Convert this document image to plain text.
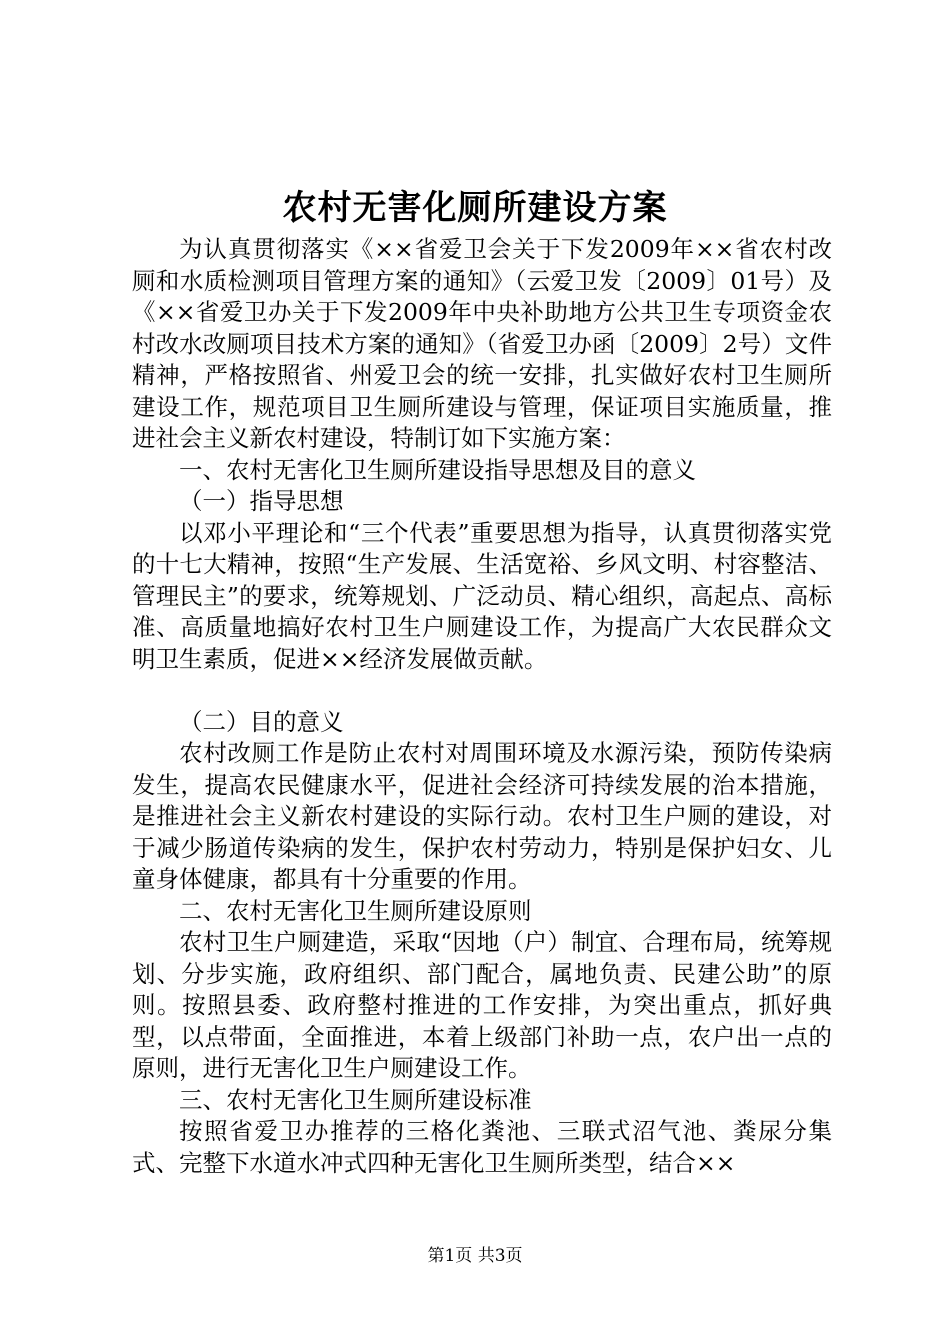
农村无害化厕所建设方案

为认真贯彻落实《××省爱卫会关于下发2009年××省农村改厕和水质检测项目管理方案的通知》（云爱卫发〔2009〕01号）及《××省爱卫办关于下发2009年中央补助地方公共卫生专项资金农村改水改厕项目技术方案的通知》（省爱卫办函〔2009〕2号）文件精神，严格按照省、州爱卫会的统一安排，扎实做好农村卫生厕所建设工作，规范项目卫生厕所建设与管理，保证项目实施质量，推进社会主义新农村建设，特制订如下实施方案：

一、农村无害化卫生厕所建设指导思想及目的意义

（一）指导思想

以邓小平理论和“三个代表”重要思想为指导，认真贯彻落实党的十七大精神，按照“生产发展、生活宽裕、乡风文明、村容整洁、管理民主”的要求，统筹规划、广泛动员、精心组织，高起点、高标准、高质量地搞好农村卫生户厕建设工作，为提高广大农民群众文明卫生素质，促进××经济发展做贡献。

（二）目的意义

农村改厕工作是防止农村对周围环境及水源污染，预防传染病发生，提高农民健康水平，促进社会经济可持续发展的治本措施，是推进社会主义新农村建设的实际行动。农村卫生户厕的建设，对于减少肠道传染病的发生，保护农村劳动力，特别是保护妇女、儿童身体健康，都具有十分重要的作用。

二、农村无害化卫生厕所建设原则

农村卫生户厕建造，采取“因地（户）制宜、合理布局，统筹规划、分步实施，政府组织、部门配合，属地负责、民建公助”的原则。按照县委、政府整村推进的工作安排，为突出重点，抓好典型，以点带面，全面推进，本着上级部门补助一点，农户出一点的原则，进行无害化卫生户厕建设工作。

三、农村无害化卫生厕所建设标准

按照省爱卫办推荐的三格化粪池、三联式沼气池、粪尿分集式、完整下水道水冲式四种无害化卫生厕所类型，结合××

第1页 共3页
